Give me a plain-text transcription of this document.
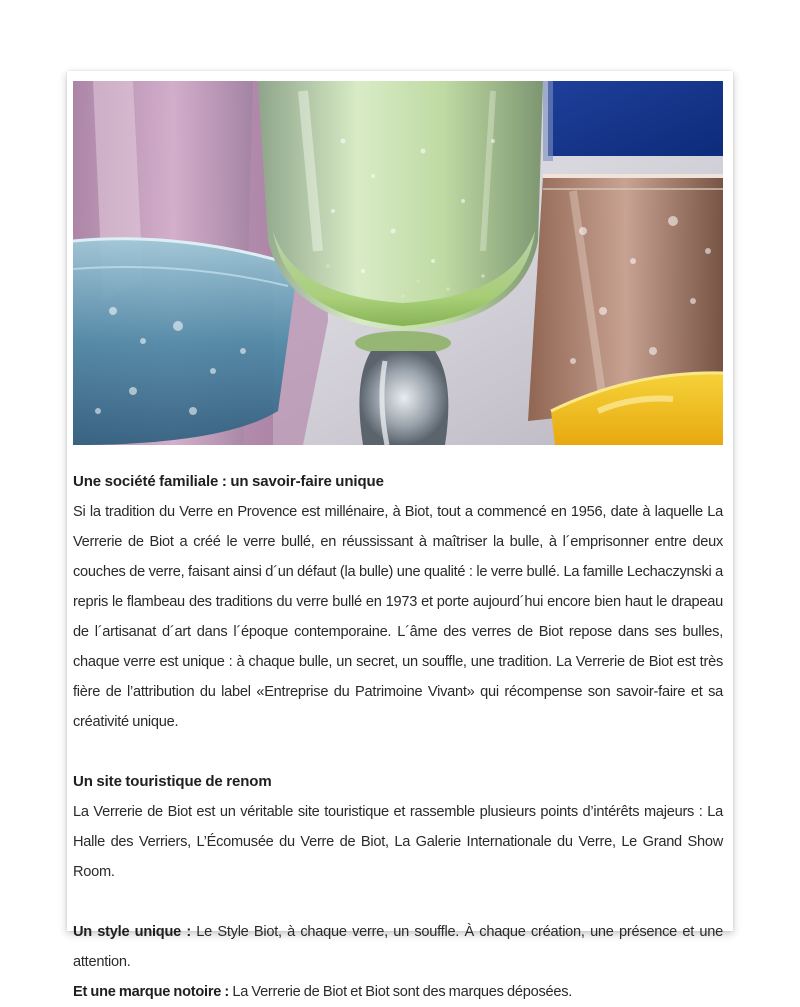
Une société familiale : un savoir-faire unique

Si la tradition du Verre en Provence est millénaire, à Biot, tout a commencé en 1956, date à laquelle La Verrerie de Biot a créé le verre bullé, en réussissant à maîtriser la bulle, à l´emprisonner entre deux couches de verre, faisant ainsi d´un défaut (la bulle) une qualité : le verre bullé. La famille Lechaczynski a repris le flambeau des traditions du verre bullé en 1973 et porte aujourd´hui encore bien haut le drapeau de l´artisanat d´art dans l´époque contemporaine. L´âme des verres de Biot repose dans ses bulles, chaque verre est unique : à chaque bulle, un secret, un souffle, une tradition. La Verrerie de Biot est très fière de l’attribution du label «Entreprise du Patrimoine Vivant» qui récompense son savoir-faire et sa créativité unique.

Un site touristique de renom

La Verrerie de Biot est un véritable site touristique et rassemble plusieurs points d’intérêts majeurs : La Halle des Verriers, L’Écomusée du Verre de Biot, La Galerie Internationale du Verre, Le Grand Show Room.

Un style unique : Le Style Biot, à chaque verre, un souffle. À chaque création, une présence et une attention.

Et une marque notoire : La Verrerie de Biot et Biot sont des marques déposées.
